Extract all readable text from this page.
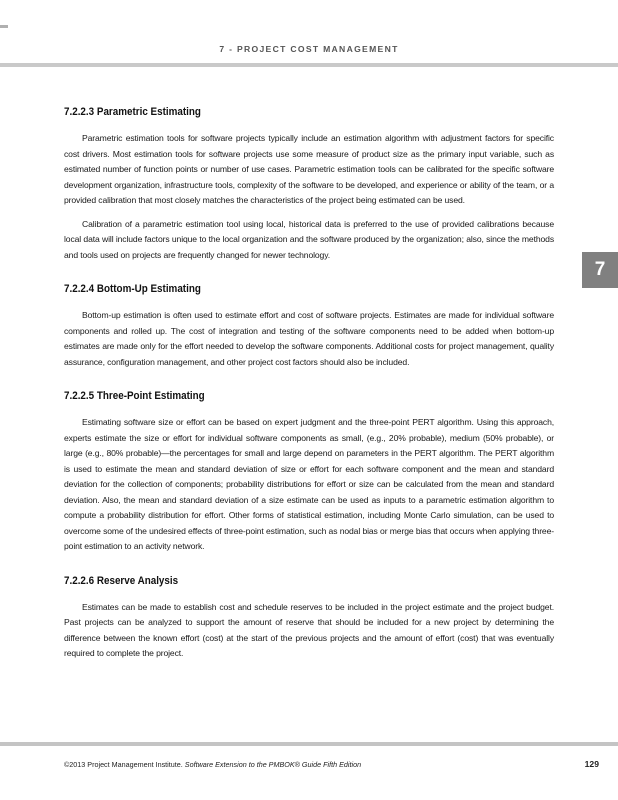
7 - PROJECT COST MANAGEMENT
7
7.2.2.3 Parametric Estimating

Parametric estimation tools for software projects typically include an estimation algorithm with adjustment factors for specific cost drivers. Most estimation tools for software projects use some measure of product size as the primary input variable, such as estimated number of function points or number of use cases. Parametric estimation tools can be calibrated for the specific software development organization, infrastructure tools, complexity of the software to be developed, and experience or ability of the team, or a provided calibration that most closely matches the characteristics of the project being estimated can be used.

Calibration of a parametric estimation tool using local, historical data is preferred to the use of provided calibrations because local data will include factors unique to the local organization and the software produced by the organization; also, since the methods and tools used on projects are frequently changed for newer technology.

7.2.2.4 Bottom-Up Estimating

Bottom-up estimation is often used to estimate effort and cost of software projects. Estimates are made for individual software components and rolled up. The cost of integration and testing of the software components need to be added when bottom-up estimates are made only for the effort needed to develop the software components. Additional costs for project management, quality assurance, configuration management, and other project cost factors should also be included.

7.2.2.5 Three-Point Estimating

Estimating software size or effort can be based on expert judgment and the three-point PERT algorithm. Using this approach, experts estimate the size or effort for individual software components as small, (e.g., 20% probable), medium (50% probable), or large (e.g., 80% probable)—the percentages for small and large depend on parameters in the PERT algorithm. The PERT algorithm is used to estimate the mean and standard deviation of size or effort for each software component and the mean and standard deviation for the collection of components; probability distributions for effort or size can be calculated from the mean and standard deviation. Also, the mean and standard deviation of a size estimate can be used as inputs to a parametric estimation algorithm to compute a probability distribution for effort. Other forms of statistical estimation, including Monte Carlo simulation, can be used to overcome some of the undesired effects of three-point estimation, such as nodal bias or merge bias that occurs when applying three-point estimation to an activity network.

7.2.2.6 Reserve Analysis

Estimates can be made to establish cost and schedule reserves to be included in the project estimate and the project budget. Past projects can be analyzed to support the amount of reserve that should be included for a new project by determining the difference between the known effort (cost) at the start of the previous projects and the amount of effort (cost) that was eventually required to complete the project.

©2013 Project Management Institute. Software Extension to the PMBOK® Guide Fifth Edition	129
